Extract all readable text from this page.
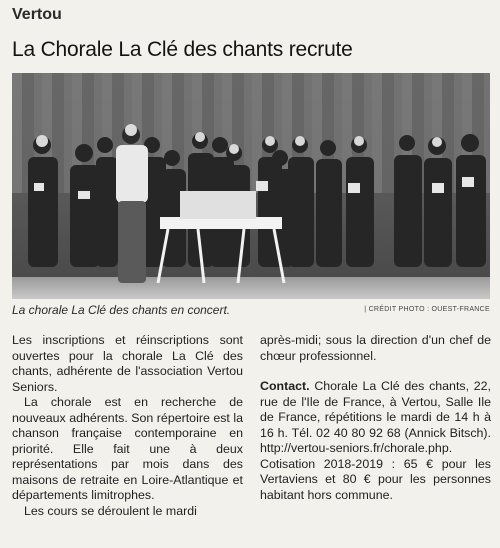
Vertou
La Chorale La Clé des chants recrute
La chorale La Clé des chants en concert.	| CRÉDIT PHOTO : OUEST-FRANCE

Les inscriptions et réinscriptions sont ouvertes pour la chorale La Clé des chants, adhérente de l'association Vertou Seniors.

La chorale est en recherche de nouveaux adhérents. Son répertoire est la chanson française contemporaine en priorité. Elle fait une à deux représentations par mois dans des maisons de retraite en Loire-Atlantique et départements limitrophes.

Les cours se déroulent le mardi

après-midi; sous la direction d'un chef de chœur professionnel.

Contact. Chorale La Clé des chants, 22, rue de l'Ile de France, à Vertou, Salle Ile de France, répétitions le mardi de 14 h à 16 h. Tél. 02 40 80 92 68 (Annick Bitsch). http://vertou-seniors.fr/chorale.php. Cotisation 2018-2019 : 65 € pour les Vertaviens et 80 € pour les personnes habitant hors commune.
